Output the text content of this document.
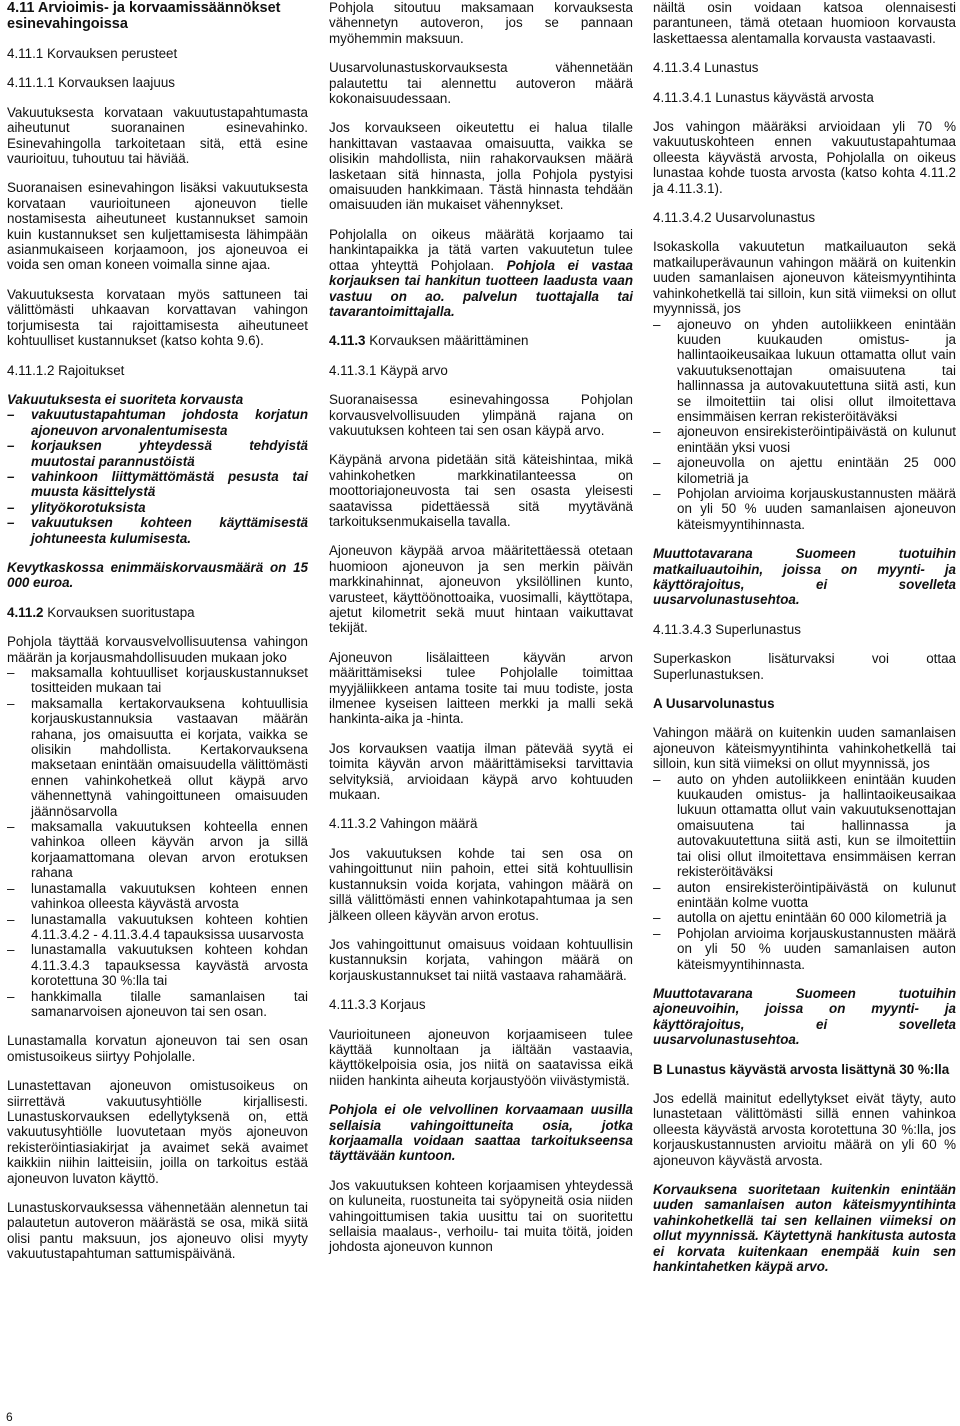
4.11 Arvioimis- ja korvaamissäännökset esinevahingoissa
4.11.1 Korvauksen perusteet
4.11.1.1 Korvauksen laajuus

Vakuutuksesta korvataan vakuutustapahtumasta aiheutunut suoranainen esinevahinko. Esinevahingolla tarkoitetaan sitä, että esine vaurioituu, tuhoutuu tai häviää.

Suoranaisen esinevahingon lisäksi vakuutuksesta korvataan vaurioituneen ajoneuvon tielle nostamisesta aiheutuneet kustannukset samoin kuin kustannukset sen kuljettamisesta lähimpään asianmukaiseen korjaamoon, jos ajoneuvoa ei voida sen oman koneen voimalla sinne ajaa.

Vakuutuksesta korvataan myös sattuneen tai välittömästi uhkaavan korvattavan vahingon torjumisesta tai rajoittamisesta aiheutuneet kohtuulliset kustannukset (katso kohta 9.6).

4.11.1.2 Rajoitukset
Vakuutuksesta ei suoriteta korvausta
– vakuutustapahtuman johdosta korjatun ajoneuvon arvonalentumisesta
– korjauksen yhteydessä tehdyistä muutostai parannustöistä
– vahinkoon liittymättömästä pesusta tai muusta käsittelystä
– ylityökorotuksista
– vakuutuksen kohteen käyttämisestä johtuneesta kulumisesta.

Kevytkaskossa enimmäiskorvausmäärä on 15 000 euroa.

4.11.2 Korvauksen suoritustapa
Pohjola täyttää korvausvelvollisuutensa vahingon määrän ja korjausmahdollisuuden mukaan joko
– maksamalla kohtuulliset korjauskustannukset tositteiden mukaan tai
– maksamalla kertakorvauksena kohtuullisia korjauskustannuksia vastaavan määrän rahana, jos omaisuutta ei korjata, vaikka se olisikin mahdollista. Kertakorvauksena maksetaan enintään omaisuudella välittömästi ennen vahinkohetkeä ollut käypä arvo vähennettynä vahingoittuneen omaisuuden jäännösarvolla
– maksamalla vakuutuksen kohteella ennen vahinkoa olleen käyvän arvon ja sillä korjaamattomana olevan arvon erotuksen rahana
– lunastamalla vakuutuksen kohteen ennen vahinkoa olleesta käyvästä arvosta
– lunastamalla vakuutuksen kohteen kohtien 4.11.3.4.2 - 4.11.3.4.4 tapauksissa uusarvosta
– lunastamalla vakuutuksen kohteen kohdan 4.11.3.4.3 tapauksessa kayvästä arvosta korotettuna 30 %:lla tai
– hankkimalla tilalle samanlaisen tai samanarvoisen ajoneuvon tai sen osan.

Lunastamalla korvatun ajoneuvon tai sen osan omistusoikeus siirtyy Pohjolalle.

Lunastettavan ajoneuvon omistusoikeus on siirrettävä vakuutusyhtiölle kirjallisesti. Lunastuskorvauksen edellytyksenä on, että vakuutusyhtiölle luovutetaan myös ajoneuvon rekisteröintiasiakirjat ja avaimet sekä avaimet kaikkiin niihin laitteisiin, joilla on tarkoitus estää ajoneuvon luvaton käyttö.

Lunastuskorvauksessa vähennetään alennetun tai palautetun autoveron määrästä se osa, mikä siitä olisi pantu maksuun, jos ajoneuvo olisi myyty vakuutustapahtuman sattumispäivänä.

Pohjola sitoutuu maksamaan korvauksesta vähennetyn autoveron, jos se pannaan myöhemmin maksuun.

Uusarvolunastuskorvauksesta vähennetään palautettu tai alennettu autoveron määrä kokonaisuudessaan.

Jos korvaukseen oikeutettu ei halua tilalle hankittavan vastaavaa omaisuutta, vaikka se olisikin mahdollista, niin rahakorvauksen määrä lasketaan sitä hinnasta, jolla Pohjola pystyisi omaisuuden hankkimaan. Tästä hinnasta tehdään omaisuuden iän mukaiset vähennykset.

Pohjolalla on oikeus määrätä korjaamo tai hankintapaikka ja tätä varten vakuutetun tulee ottaa yhteyttä Pohjolaan. Pohjola ei vastaa korjauksen tai hankitun tuotteen laadusta vaan vastuu on ao. palvelun tuottajalla tai tavarantoimittajalla.

4.11.3 Korvauksen määrittäminen
4.11.3.1 Käypä arvo

Suoranaisessa esinevahingossa Pohjolan korvausvelvollisuuden ylimpänä rajana on vakuutuksen kohteen tai sen osan käypä arvo.

Käypänä arvona pidetään sitä käteishintaa, mikä vahinkohetken markkinatilanteessa on moottoriajoneuvosta tai sen osasta yleisesti saatavissa pidettäessä sitä myytävänä tarkoituksenmukaisella tavalla.

Ajoneuvon käypää arvoa määritettäessä otetaan huomioon ajoneuvon ja sen merkin päivän markkinahinnat, ajoneuvon yksilöllinen kunto, varusteet, käyttöönottoaika, vuosimalli, käyttötapa, ajetut kilometrit sekä muut hintaan vaikuttavat tekijät.

Ajoneuvon lisälaitteen käyvän arvon määrittämiseksi tulee Pohjolalle toimittaa myyjäliikkeen antama tosite tai muu todiste, josta ilmenee kyseisen laitteen merkki ja malli sekä hankinta-aika ja -hinta.

Jos korvauksen vaatija ilman pätevää syytä ei toimita käyvän arvon määrittämiseksi tarvittavia selvityksiä, arvioidaan käypä arvo kohtuuden mukaan.

4.11.3.2 Vahingon määrä

Jos vakuutuksen kohde tai sen osa on vahingoittunut niin pahoin, ettei sitä kohtuullisin kustannuksin voida korjata, vahingon määrä on sillä välittömästi ennen vahinkotapahtumaa ja sen jälkeen olleen käyvän arvon erotus.

Jos vahingoittunut omaisuus voidaan kohtuullisin kustannuksin korjata, vahingon määrä on korjauskustannukset tai niitä vastaava rahamäärä.

4.11.3.3 Korjaus

Vaurioituneen ajoneuvon korjaamiseen tulee käyttää kunnoltaan ja iältään vastaavia, käyttökelpoisia osia, jos niitä on saatavissa eikä niiden hankinta aiheuta korjaustyöön viivästymistä.

Pohjola ei ole velvollinen korvaamaan uusilla sellaisia vahingoittuneita osia, jotka korjaamalla voidaan saattaa tarkoitukseensa täyttävään kuntoon.

Jos vakuutuksen kohteen korjaamisen yhteydessä on kuluneita, ruostuneita tai syöpyneitä osia niiden vahingoittumisen takia uusittu tai on suoritettu sellaisia maalaus-, verhoilu- tai muita töitä, joiden johdosta ajoneuvon kunnon

näiltä osin voidaan katsoa olennaisesti parantuneen, tämä otetaan huomioon korvausta laskettaessa alentamalla korvausta vastaavasti.

4.11.3.4 Lunastus
4.11.3.4.1 Lunastus käyvästä arvosta

Jos vahingon määräksi arvioidaan yli 70 % vakuutuskohteen ennen vakuutustapahtumaa olleesta käyvästä arvosta, Pohjolalla on oikeus lunastaa kohde tuosta arvosta (katso kohta 4.11.2 ja 4.11.3.1).

4.11.3.4.2 Uusarvolunastus
Isokaskolla vakuutetun matkailuauton sekä matkailuperävaunun vahingon määrä on kuitenkin uuden samanlaisen ajoneuvon käteismyyntihinta vahinkohetkellä tai silloin, kun sitä viimeksi on ollut myynnissä, jos
– ajoneuvo on yhden autoliikkeen enintään kuuden kuukauden omistus- ja hallintaoikeusaikaa lukuun ottamatta ollut vain vakuutuksenottajan omaisuutena tai hallinnassa ja autovakuutettuna siitä asti, kun se ilmoitettiin tai olisi ollut ilmoitettava ensimmäisen kerran rekisteröitäväksi
– ajoneuvon ensirekisteröintipäivästä on kulunut enintään yksi vuosi
– ajoneuvolla on ajettu enintään 25 000 kilometriä ja
– Pohjolan arvioima korjauskustannusten määrä on yli 50 % uuden samanlaisen ajoneuvon käteismyyntihinnasta.

Muuttotavarana Suomeen tuotuihin matkailuautoihin, joissa on myynti- ja käyttörajoitus, ei sovelleta uusarvolunastusehtoa.

4.11.3.4.3 Superlunastus

Superkaskon lisäturvaksi voi ottaa Superlunastuksen.

A Uusarvolunastus
Vahingon määrä on kuitenkin uuden samanlaisen ajoneuvon käteismyyntihinta vahinkohetkellä tai silloin, kun sitä viimeksi on ollut myynnissä, jos
– auto on yhden autoliikkeen enintään kuuden kuukauden omistus- ja hallintaoikeusaikaa lukuun ottamatta ollut vain vakuutuksenottajan omaisuutena tai hallinnassa ja autovakuutettuna siitä asti, kun se ilmoitettiin tai olisi ollut ilmoitettava ensimmäisen kerran rekisteröitäväksi
– auton ensirekisteröintipäivästä on kulunut enintään kolme vuotta
– autolla on ajettu enintään 60 000 kilometriä ja
– Pohjolan arvioima korjauskustannusten määrä on yli 50 % uuden samanlaisen auton käteismyyntihinnasta.

Muuttotavarana Suomeen tuotuihin ajoneuvoihin, joissa on myynti- ja käyttörajoitus, ei sovelleta uusarvolunastusehtoa.

B Lunastus käyvästä arvosta lisättynä 30 %:lla

Jos edellä mainitut edellytykset eivät täyty, auto lunastetaan välittömästi sillä ennen vahinkoa olleesta käyvästä arvosta korotettuna 30 %:lla, jos korjauskustannusten arvioitu määrä on yli 60 % ajoneuvon käyvästä arvosta.

Korvauksena suoritetaan kuitenkin enintään uuden samanlaisen auton käteismyyntihinta vahinkohetkellä tai sen kellainen viimeksi on ollut myynnissä. Käytettynä hankitusta autosta ei korvata kuitenkaan enempää kuin sen hankintahetken käypä arvo.

6
